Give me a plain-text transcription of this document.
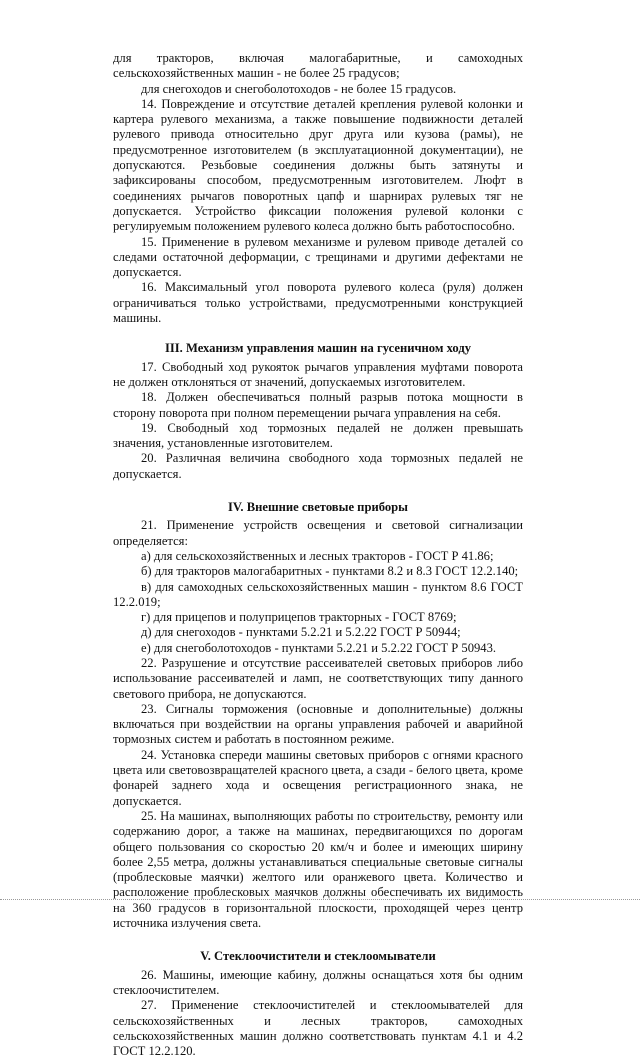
для тракторов, включая малогабаритные, и самоходных сельскохозяйственных машин - не более 25 градусов;

для снегоходов и снегоболотоходов - не более 15 градусов.

14. Повреждение и отсутствие деталей крепления рулевой колонки и картера рулевого механизма, а также повышение подвижности деталей рулевого привода относительно друг друга или кузова (рамы), не предусмотренное изготовителем (в эксплуатационной документации), не допускаются. Резьбовые соединения должны быть затянуты и зафиксированы способом, предусмотренным изготовителем. Люфт в соединениях рычагов поворотных цапф и шарнирах рулевых тяг не допускается. Устройство фиксации положения рулевой колонки с регулируемым положением рулевого колеса должно быть работоспособно.

15. Применение в рулевом механизме и рулевом приводе деталей со следами остаточной деформации, с трещинами и другими дефектами не допускается.

16. Максимальный угол поворота рулевого колеса (руля) должен ограничиваться только устройствами, предусмотренными конструкцией машины.

III. Механизм управления машин на гусеничном ходу

17. Свободный ход рукояток рычагов управления муфтами поворота не должен отклоняться от значений, допускаемых изготовителем.

18. Должен обеспечиваться полный разрыв потока мощности в сторону поворота при полном перемещении рычага управления на себя.

19. Свободный ход тормозных педалей не должен превышать значения, установленные изготовителем.

20. Различная величина свободного хода тормозных педалей не допускается.

IV. Внешние световые приборы

21. Применение устройств освещения и световой сигнализации определяется:

а) для сельскохозяйственных и лесных тракторов - ГОСТ Р 41.86;

б) для тракторов малогабаритных - пунктами 8.2 и 8.3 ГОСТ 12.2.140;

в) для самоходных сельскохозяйственных машин - пунктом 8.6 ГОСТ 12.2.019;

г) для прицепов и полуприцепов тракторных - ГОСТ 8769;

д) для снегоходов - пунктами 5.2.21 и 5.2.22 ГОСТ Р 50944;

е) для снегоболотоходов - пунктами 5.2.21 и 5.2.22 ГОСТ Р 50943.

22. Разрушение и отсутствие рассеивателей световых приборов либо использование рассеивателей и ламп, не соответствующих типу данного светового прибора, не допускаются.

23. Сигналы торможения (основные и дополнительные) должны включаться при воздействии на органы управления рабочей и аварийной тормозных систем и работать в постоянном режиме.

24. Установка спереди машины световых приборов с огнями красного цвета или световозвращателей красного цвета, а сзади - белого цвета, кроме фонарей заднего хода и освещения регистрационного знака, не допускается.

25. На машинах, выполняющих работы по строительству, ремонту или содержанию дорог, а также на машинах, передвигающихся по дорогам общего пользования со скоростью 20 км/ч и более и имеющих ширину более 2,55 метра, должны устанавливаться специальные световые сигналы (проблесковые маячки) желтого или оранжевого цвета. Количество и расположение проблесковых маячков должны обеспечивать их видимость на 360 градусов в горизонтальной плоскости, проходящей через центр источника излучения света.

V. Стеклоочистители и стеклоомыватели

26. Машины, имеющие кабину, должны оснащаться хотя бы одним стеклоочистителем.

27. Применение стеклоочистителей и стеклоомывателей для сельскохозяйственных и лесных тракторов, самоходных сельскохозяйственных машин должно соответствовать пунктам 4.1 и 4.2 ГОСТ 12.2.120.
